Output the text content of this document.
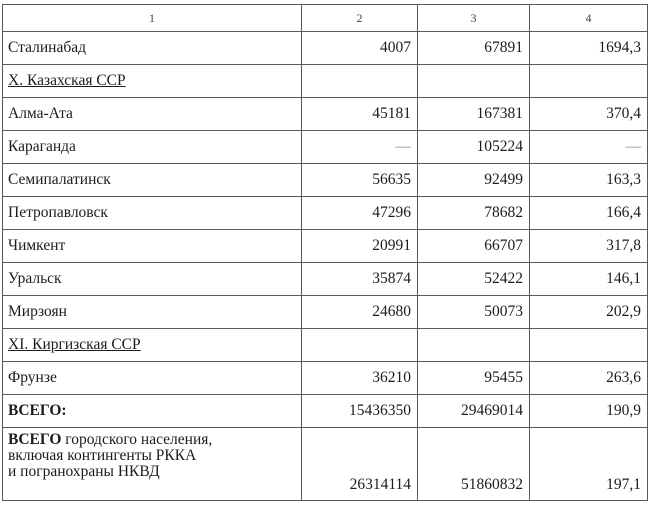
1	2	3	4
Сталинабад	4007	67891	1694,3
X. Казахская ССР			
Алма-Ата	45181	167381	370,4
Караганда	—	105224	—
Семипалатинск	56635	92499	163,3
Петропавловск	47296	78682	166,4
Чимкент	20991	66707	317,8
Уральск	35874	52422	146,1
Мирзоян	24680	50073	202,9
XI. Киргизская ССР			
Фрунзе	36210	95455	263,6
ВСЕГО:	15436350	29469014	190,9
ВСЕГО городского населения,
включая контингенты РККА
и погранохраны НКВД	26314114	51860832	197,1
